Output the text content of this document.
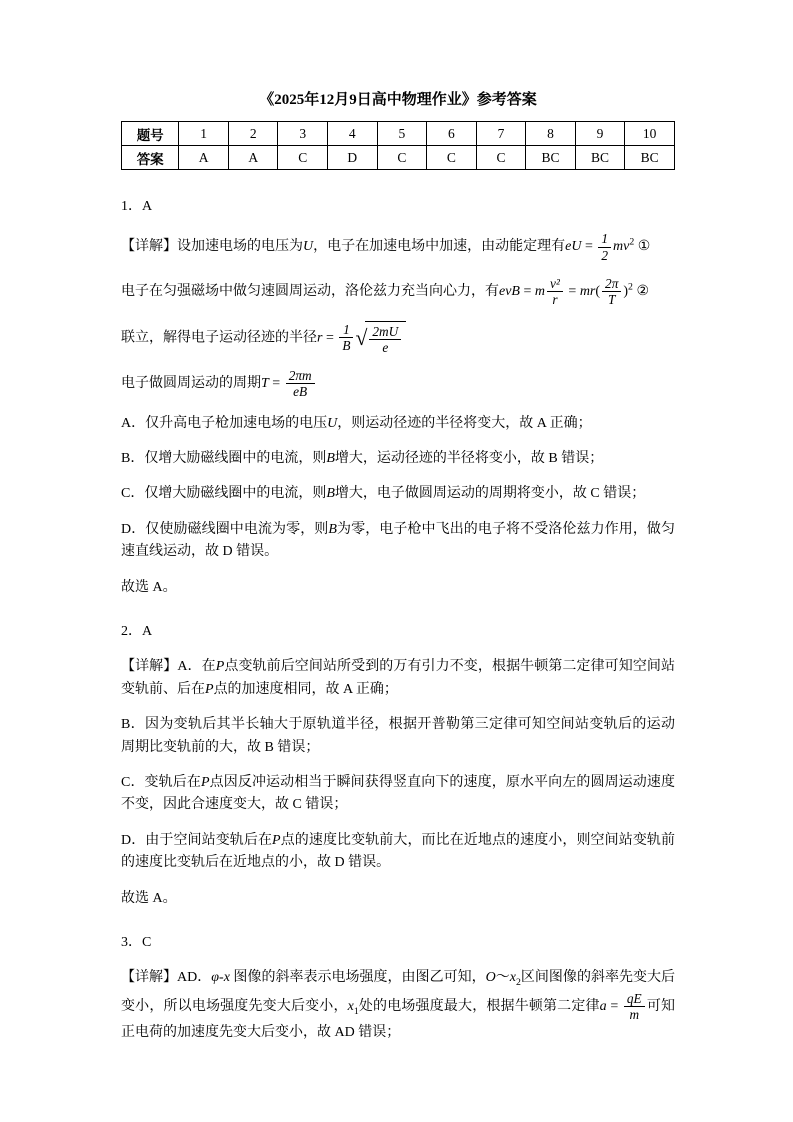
《2025年12月9日高中物理作业》参考答案
题号	1	2	3	4	5	6	7	8	9	10
答案	A	A	C	D	C	C	C	BC	BC	BC

1．A

【详解】设加速电场的电压为U，电子在加速电场中加速，由动能定理有eU = $\frac{1}{2} mv^2$ ①

电子在匀强磁场中做匀速圆周运动，洛伦兹力充当向心力，有evB = m $\frac{\text{v²}}{r} = mr( \frac{2\pi}{T} )^2$ ②

联立，解得电子运动径迹的半径$r = \frac{1}{B}$ √ $\frac{2mU}{e}$

电子做圆周运动的周期$T = \frac{2\pi m}{eB}$

A．仅升高电子枪加速电场的电压U，则运动径迹的半径将变大，故 A 正确；

B．仅增大励磁线圈中的电流，则B增大，运动径迹的半径将变小，故 B 错误；

C．仅增大励磁线圈中的电流，则B增大，电子做圆周运动的周期将变小，故 C 错误；

D．仅使励磁线圈中电流为零，则B为零，电子枪中飞出的电子将不受洛伦兹力作用，做匀速直线运动，故 D 错误。

故选 A。

2．A

【详解】A．在P点变轨前后空间站所受到的万有引力不变，根据牛顿第二定律可知空间站变轨前、后在P点的加速度相同，故 A 正确；

B．因为变轨后其半长轴大于原轨道半径，根据开普勒第三定律可知空间站变轨后的运动周期比变轨前的大，故 B 错误；

C．变轨后在P点因反冲运动相当于瞬间获得竖直向下的速度，原水平向左的圆周运动速度不变，因此合速度变大，故 C 错误；

D．由于空间站变轨后在P点的速度比变轨前大，而比在近地点的速度小，则空间站变轨前的速度比变轨后在近地点的小，故 D 错误。

故选 A。

3．C

【详解】AD．φ-x 图像的斜率表示电场强度，由图乙可知，$O\sim x_2$区间图像的斜率先变大后变小，所以电场强度先变大后变小，$x_1$处的电场强度最大，根据牛顿第二定律$a = \frac{qE}{m}$ 可知正电荷的加速度先变大后变小，故 AD 错误；
